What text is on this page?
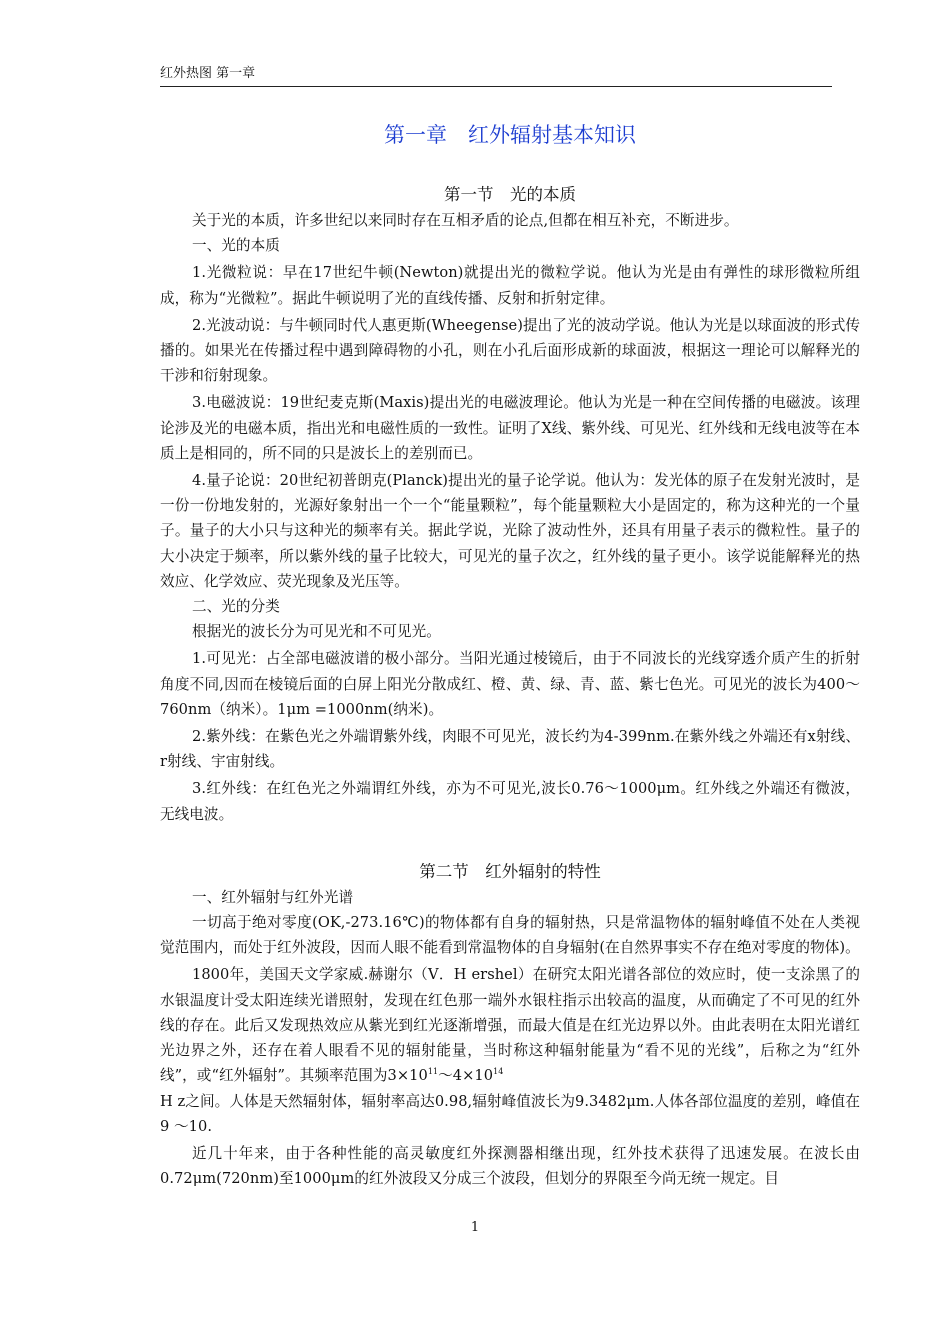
红外热图 第一章
第一章　红外辐射基本知识
第一节　光的本质

关于光的本质，许多世纪以来同时存在互相矛盾的论点,但都在相互补充，不断进步。

一、光的本质

1.光微粒说：早在17世纪牛顿(Newton)就提出光的微粒学说。他认为光是由有弹性的球形微粒所组成，称为“光微粒”。据此牛顿说明了光的直线传播、反射和折射定律。

2.光波动说：与牛顿同时代人惠更斯(Wheegense)提出了光的波动学说。他认为光是以球面波的形式传播的。如果光在传播过程中遇到障碍物的小孔，则在小孔后面形成新的球面波，根据这一理论可以解释光的干涉和衍射现象。

3.电磁波说：19世纪麦克斯(Maxis)提出光的电磁波理论。他认为光是一种在空间传播的电磁波。该理论涉及光的电磁本质，指出光和电磁性质的一致性。证明了X线、紫外线、可见光、红外线和无线电波等在本质上是相同的，所不同的只是波长上的差别而已。

4.量子论说：20世纪初普朗克(Planck)提出光的量子论学说。他认为：发光体的原子在发射光波时，是一份一份地发射的，光源好象射出一个一个“能量颗粒”，每个能量颗粒大小是固定的，称为这种光的一个量子。量子的大小只与这种光的频率有关。据此学说，光除了波动性外，还具有用量子表示的微粒性。量子的大小决定于频率，所以紫外线的量子比较大，可见光的量子次之，红外线的量子更小。该学说能解释光的热效应、化学效应、荧光现象及光压等。

二、光的分类

根据光的波长分为可见光和不可见光。

1.可见光：占全部电磁波谱的极小部分。当阳光通过棱镜后，由于不同波长的光线穿透介质产生的折射角度不同,因而在棱镜后面的白屏上阳光分散成红、橙、黄、绿、青、蓝、紫七色光。可见光的波长为400～760nm（纳米）。1μm =1000nm(纳米)。

2.紫外线：在紫色光之外端谓紫外线，肉眼不可见光，波长约为4-399nm.在紫外线之外端还有x射线、r射线、宇宙射线。

3.红外线：在红色光之外端谓红外线，亦为不可见光,波长0.76～1000μm。红外线之外端还有微波，无线电波。

第二节　红外辐射的特性

一、红外辐射与红外光谱

一切高于绝对零度(OK,-273.16℃)的物体都有自身的辐射热，只是常温物体的辐射峰值不处在人类视觉范围内，而处于红外波段，因而人眼不能看到常温物体的自身辐射(在自然界事实不存在绝对零度的物体)。

1800年，美国天文学家威.赫谢尔（V．H ershel）在研究太阳光谱各部位的效应时，使一支涂黑了的水银温度计受太阳连续光谱照射，发现在红色那一端外水银柱指示出较高的温度，从而确定了不可见的红外线的存在。此后又发现热效应从紫光到红光逐渐增强，而最大值是在红光边界以外。由此表明在太阳光谱红光边界之外，还存在着人眼看不见的辐射能量，当时称这种辐射能量为“看不见的光线”，后称之为“红外线”，或“红外辐射”。其频率范围为$3\times 10^{11}\sim 4\times 10^{14}$
H z之间。人体是天然辐射体，辐射率高达0.98,辐射峰值波长为9.3482μm.人体各部位温度的差别，峰值在9 ～10.

近几十年来，由于各种性能的高灵敏度红外探测器相继出现，红外技术获得了迅速发展。在波长由0.72μm(720nm)至1000μm的红外波段又分成三个波段，但划分的界限至今尚无统一规定。目

1
